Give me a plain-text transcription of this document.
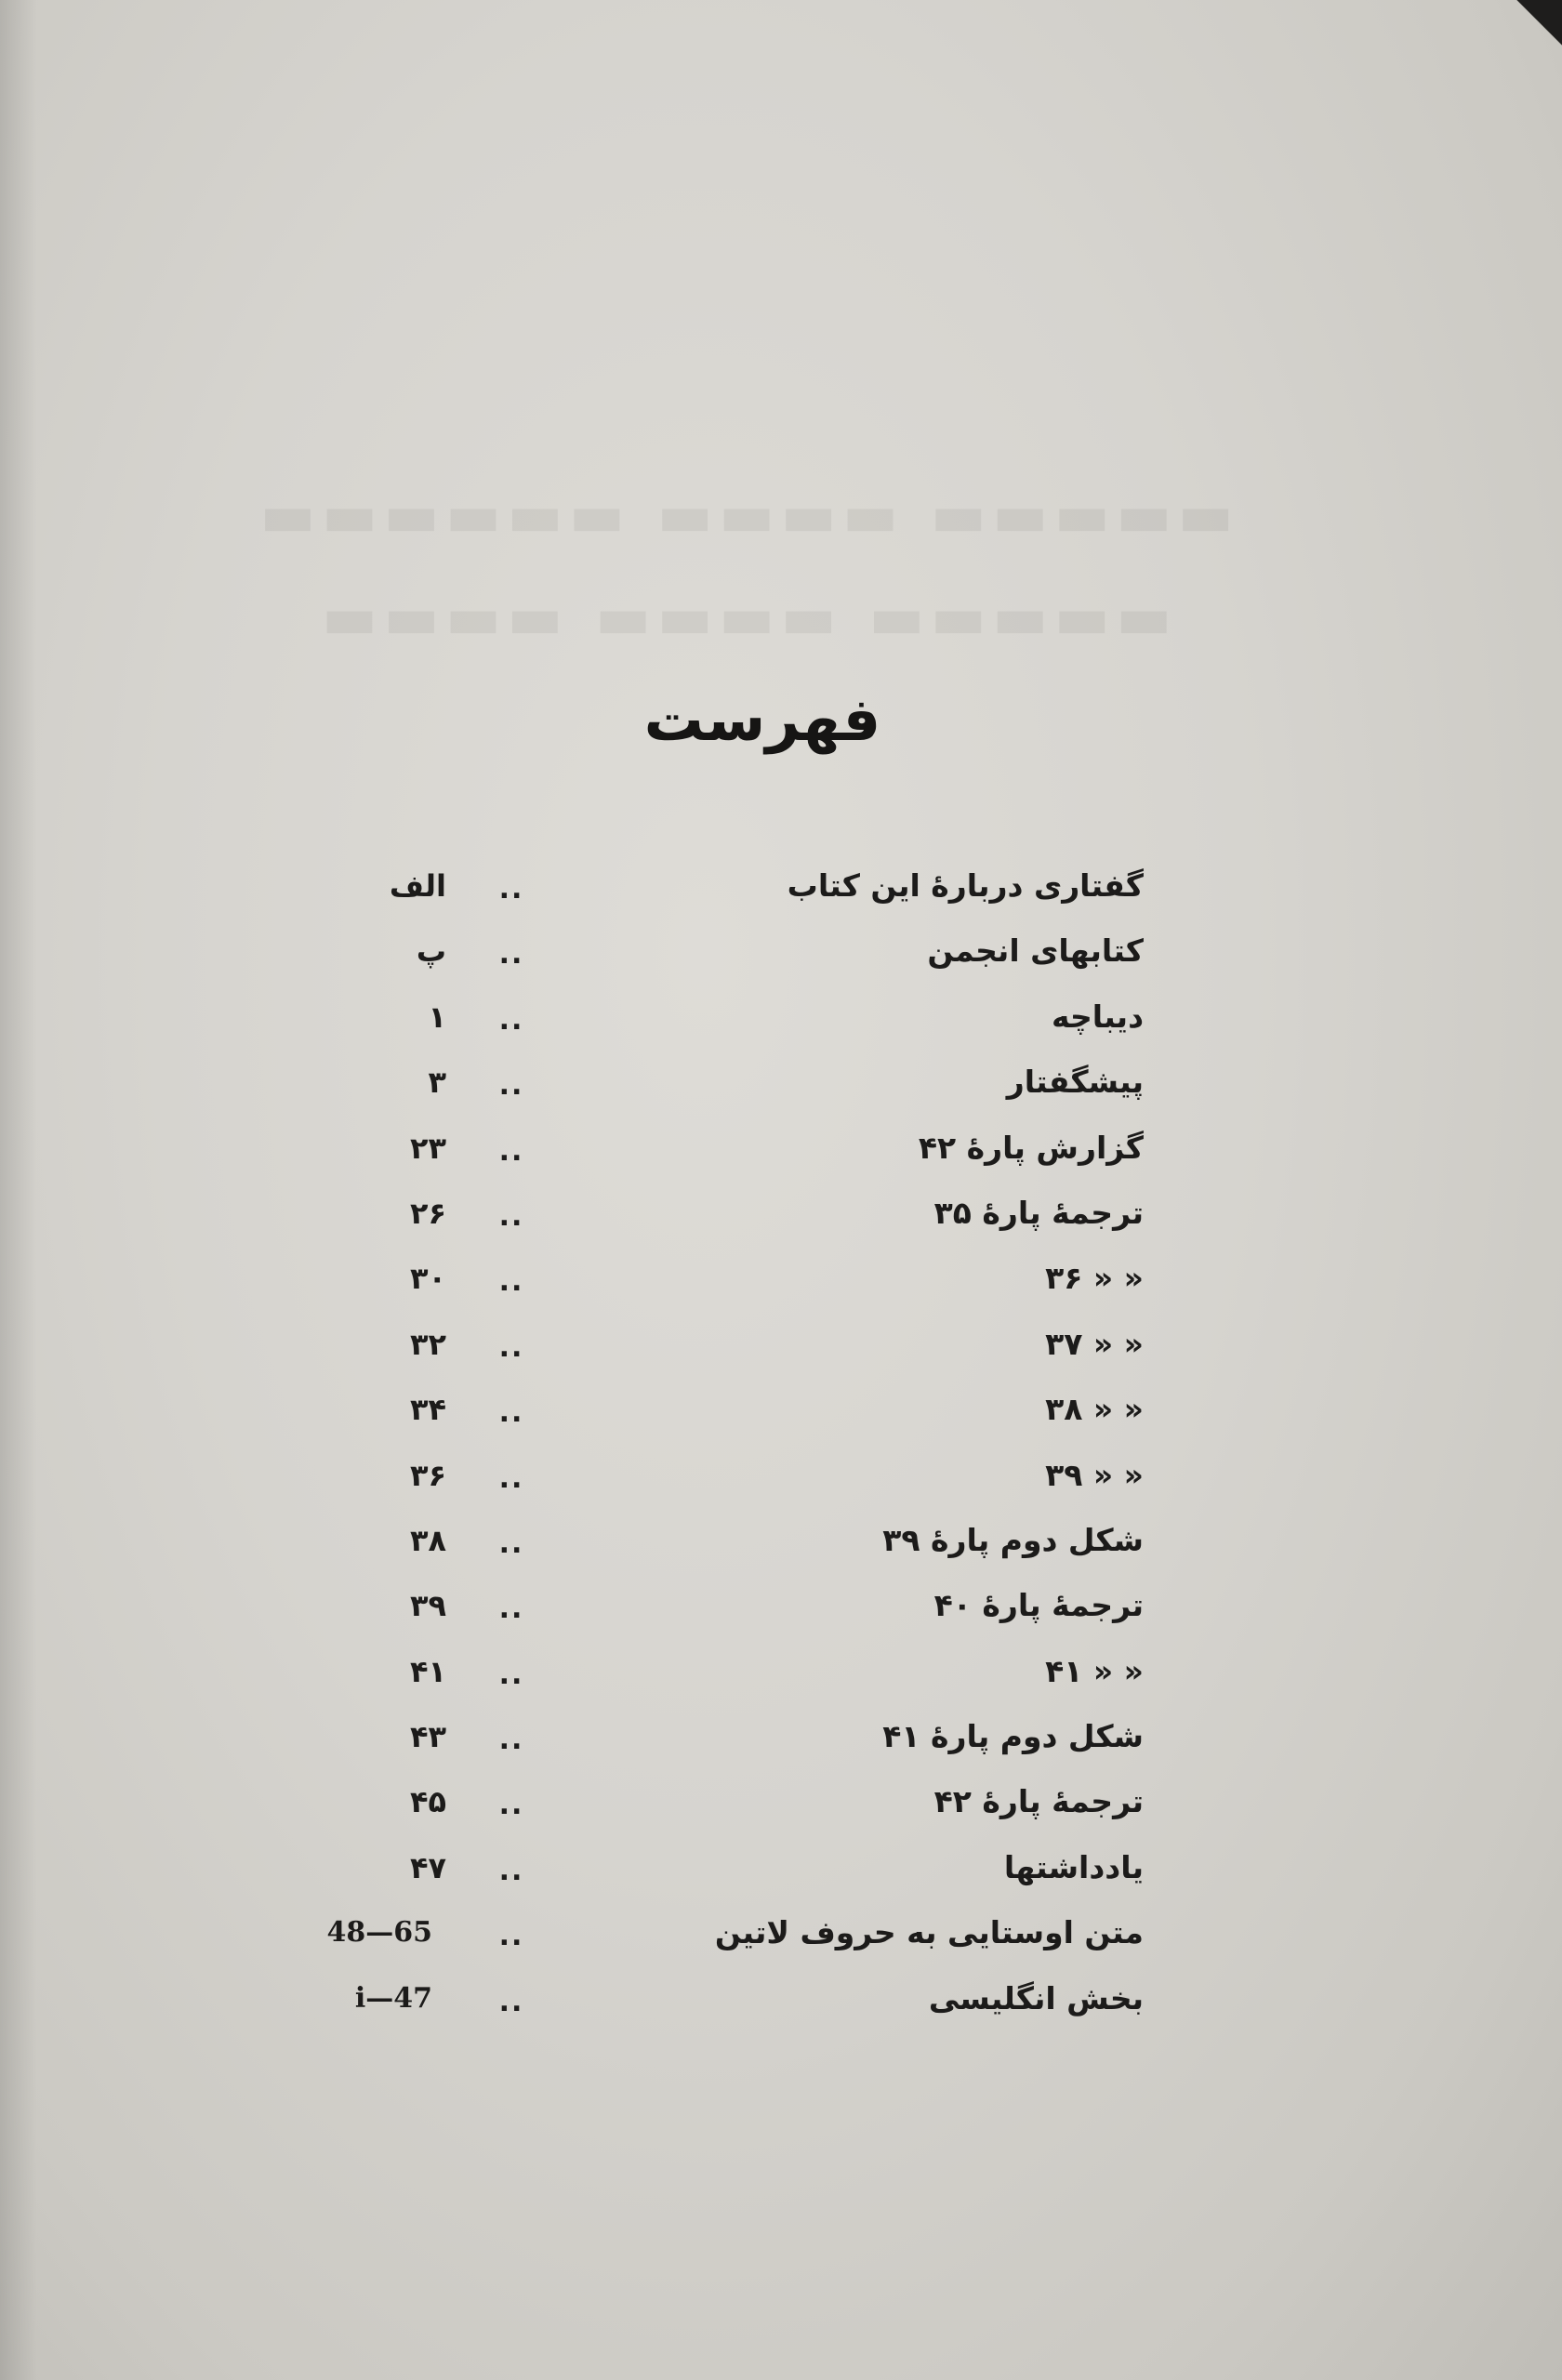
▬▬▬▬▬ ▬▬▬▬ ▬▬▬▬▬▬
▬▬▬▬▬ ▬▬▬▬ ▬▬▬▬
فهرست
الف	..	گفتاری دربارهٔ این کتاب
پ	..	کتابهای انجمن
۱	..	دیباچه
۳	..	پیشگفتار
۲۳	..	گزارش پارهٔ ۴۲
۲۶	..	ترجمهٔ پارهٔ ۳۵
۳۰	..	« « ۳۶
۳۲	..	« « ۳۷
۳۴	..	« « ۳۸
۳۶	..	« « ۳۹
۳۸	..	شکل دوم پارهٔ ۳۹
۳۹	..	ترجمهٔ پارهٔ ۴۰
۴۱	..	« « ۴۱
۴۳	..	شکل دوم پارهٔ ۴۱
۴۵	..	ترجمهٔ پارهٔ ۴۲
۴۷	..	یادداشتها
48—65	..	متن اوستایی به حروف لاتین
i—47	..	بخش انگلیسی
